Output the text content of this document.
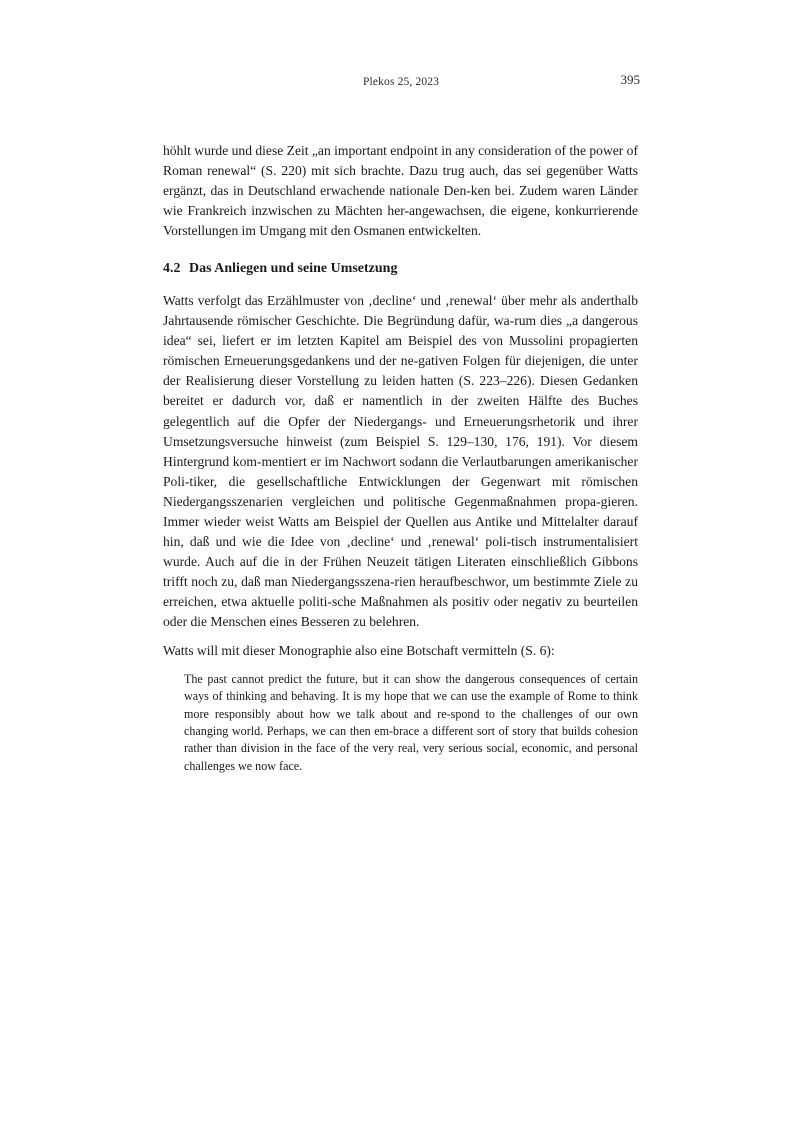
Plekos 25, 2023	395

höhlt wurde und diese Zeit „an important endpoint in any consideration of the power of Roman renewal“ (S. 220) mit sich brachte. Dazu trug auch, das sei gegenüber Watts ergänzt, das in Deutschland erwachende nationale Den-​ken bei. Zudem waren Länder wie Frankreich inzwischen zu Mächten her-​angewachsen, die eigene, konkurrierende Vorstellungen im Umgang mit den Osmanen entwickelten.

4.2 Das Anliegen und seine Umsetzung

Watts verfolgt das Erzählmuster von ‚decline‘ und ‚renewal‘ über mehr als anderthalb Jahrtausende römischer Geschichte. Die Begründung dafür, wa-​rum dies „a dangerous idea“ sei, liefert er im letzten Kapitel am Beispiel des von Mussolini propagierten römischen Erneuerungsgedankens und der ne-​gativen Folgen für diejenigen, die unter der Realisierung dieser Vorstellung zu leiden hatten (S. 223–226). Diesen Gedanken bereitet er dadurch vor, daß er namentlich in der zweiten Hälfte des Buches gelegentlich auf die Opfer der Niedergangs- und Erneuerungsrhetorik und ihrer Umsetzungsversuche hinweist (zum Beispiel S. 129–130, 176, 191). Vor diesem Hintergrund kom-​mentiert er im Nachwort sodann die Verlautbarungen amerikanischer Poli-​tiker, die gesellschaftliche Entwicklungen der Gegenwart mit römischen Niedergangsszenarien vergleichen und politische Gegenmaßnahmen propa-​gieren. Immer wieder weist Watts am Beispiel der Quellen aus Antike und Mittelalter darauf hin, daß und wie die Idee von ‚decline‘ und ‚renewal‘ poli-​tisch instrumentalisiert wurde. Auch auf die in der Frühen Neuzeit tätigen Literaten einschließlich Gibbons trifft noch zu, daß man Niedergangsszena-​rien heraufbeschwor, um bestimmte Ziele zu erreichen, etwa aktuelle politi-​sche Maßnahmen als positiv oder negativ zu beurteilen oder die Menschen eines Besseren zu belehren.

Watts will mit dieser Monographie also eine Botschaft vermitteln (S. 6):

The past cannot predict the future, but it can show the dangerous consequences of certain ways of thinking and behaving. It is my hope that we can use the example of Rome to think more responsibly about how we talk about and re-​spond to the challenges of our own changing world. Perhaps, we can then em-​brace a different sort of story that builds cohesion rather than division in the face of the very real, very serious social, economic, and personal challenges we now face.
